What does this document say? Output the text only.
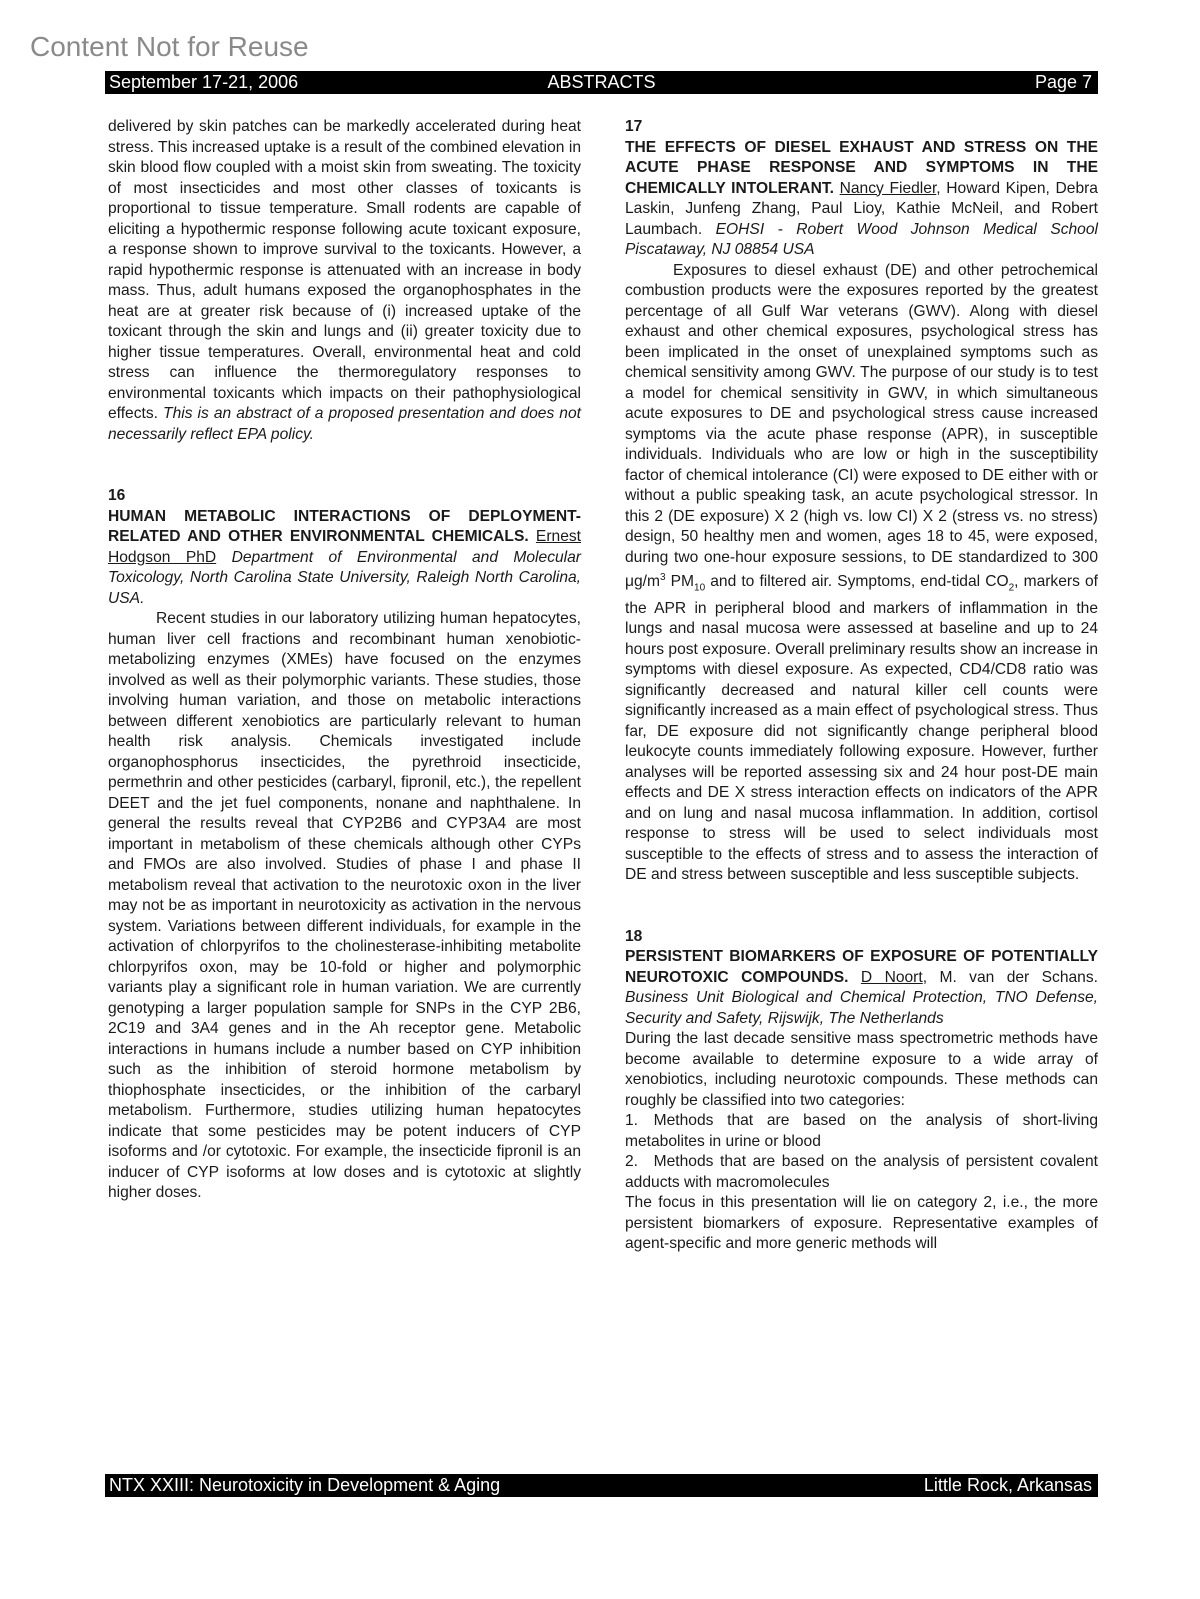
Content Not for Reuse
September 17-21, 2006	ABSTRACTS	Page 7

delivered by skin patches can be markedly accelerated during heat stress. This increased uptake is a result of the combined elevation in skin blood flow coupled with a moist skin from sweating. The toxicity of most insecticides and most other classes of toxicants is proportional to tissue temperature. Small rodents are capable of eliciting a hypothermic response following acute toxicant exposure, a response shown to improve survival to the toxicants. However, a rapid hypothermic response is attenuated with an increase in body mass. Thus, adult humans exposed the organophosphates in the heat are at greater risk because of (i) increased uptake of the toxicant through the skin and lungs and (ii) greater toxicity due to higher tissue temperatures. Overall, environmental heat and cold stress can influence the thermoregulatory responses to environmental toxicants which impacts on their pathophysiological effects. This is an abstract of a proposed presentation and does not necessarily reflect EPA policy.

16

HUMAN METABOLIC INTERACTIONS OF DEPLOYMENT-RELATED AND OTHER ENVIRONMENTAL CHEMICALS. Ernest Hodgson PhD Department of Environmental and Molecular Toxicology, North Carolina State University, Raleigh North Carolina, USA.

Recent studies in our laboratory utilizing human hepatocytes, human liver cell fractions and recombinant human xenobiotic-metabolizing enzymes (XMEs) have focused on the enzymes involved as well as their polymorphic variants. These studies, those involving human variation, and those on metabolic interactions between different xenobiotics are particularly relevant to human health risk analysis. Chemicals investigated include organophosphorus insecticides, the pyrethroid insecticide, permethrin and other pesticides (carbaryl, fipronil, etc.), the repellent DEET and the jet fuel components, nonane and naphthalene. In general the results reveal that CYP2B6 and CYP3A4 are most important in metabolism of these chemicals although other CYPs and FMOs are also involved. Studies of phase I and phase II metabolism reveal that activation to the neurotoxic oxon in the liver may not be as important in neurotoxicity as activation in the nervous system. Variations between different individuals, for example in the activation of chlorpyrifos to the cholinesterase-inhibiting metabolite chlorpyrifos oxon, may be 10-fold or higher and polymorphic variants play a significant role in human variation. We are currently genotyping a larger population sample for SNPs in the CYP 2B6, 2C19 and 3A4 genes and in the Ah receptor gene. Metabolic interactions in humans include a number based on CYP inhibition such as the inhibition of steroid hormone metabolism by thiophosphate insecticides, or the inhibition of the carbaryl metabolism. Furthermore, studies utilizing human hepatocytes indicate that some pesticides may be potent inducers of CYP isoforms and /or cytotoxic. For example, the insecticide fipronil is an inducer of CYP isoforms at low doses and is cytotoxic at slightly higher doses.

17

THE EFFECTS OF DIESEL EXHAUST AND STRESS ON THE ACUTE PHASE RESPONSE AND SYMPTOMS IN THE CHEMICALLY INTOLERANT. Nancy Fiedler, Howard Kipen, Debra Laskin, Junfeng Zhang, Paul Lioy, Kathie McNeil, and Robert Laumbach. EOHSI - Robert Wood Johnson Medical School Piscataway, NJ 08854 USA

Exposures to diesel exhaust (DE) and other petrochemical combustion products were the exposures reported by the greatest percentage of all Gulf War veterans (GWV). Along with diesel exhaust and other chemical exposures, psychological stress has been implicated in the onset of unexplained symptoms such as chemical sensitivity among GWV. The purpose of our study is to test a model for chemical sensitivity in GWV, in which simultaneous acute exposures to DE and psychological stress cause increased symptoms via the acute phase response (APR), in susceptible individuals. Individuals who are low or high in the susceptibility factor of chemical intolerance (CI) were exposed to DE either with or without a public speaking task, an acute psychological stressor. In this 2 (DE exposure) X 2 (high vs. low CI) X 2 (stress vs. no stress) design, 50 healthy men and women, ages 18 to 45, were exposed, during two one-hour exposure sessions, to DE standardized to 300 $\mu g/m^3$ $PM_{10}$ and to filtered air. Symptoms, end-tidal $CO_2$, markers of the APR in peripheral blood and markers of inflammation in the lungs and nasal mucosa were assessed at baseline and up to 24 hours post exposure. Overall preliminary results show an increase in symptoms with diesel exposure. As expected, CD4/CD8 ratio was significantly decreased and natural killer cell counts were significantly increased as a main effect of psychological stress. Thus far, DE exposure did not significantly change peripheral blood leukocyte counts immediately following exposure. However, further analyses will be reported assessing six and 24 hour post-DE main effects and DE X stress interaction effects on indicators of the APR and on lung and nasal mucosa inflammation. In addition, cortisol response to stress will be used to select individuals most susceptible to the effects of stress and to assess the interaction of DE and stress between susceptible and less susceptible subjects.

18

PERSISTENT BIOMARKERS OF EXPOSURE OF POTENTIALLY NEUROTOXIC COMPOUNDS. D Noort, M. van der Schans. Business Unit Biological and Chemical Protection, TNO Defense, Security and Safety, Rijswijk, The Netherlands

During the last decade sensitive mass spectrometric methods have become available to determine exposure to a wide array of xenobiotics, including neurotoxic compounds. These methods can roughly be classified into two categories:

1. Methods that are based on the analysis of short-living metabolites in urine or blood

2. Methods that are based on the analysis of persistent covalent adducts with macromolecules

The focus in this presentation will lie on category 2, i.e., the more persistent biomarkers of exposure. Representative examples of agent-specific and more generic methods will

NTX XXIII: Neurotoxicity in Development & Aging	Little Rock, Arkansas
